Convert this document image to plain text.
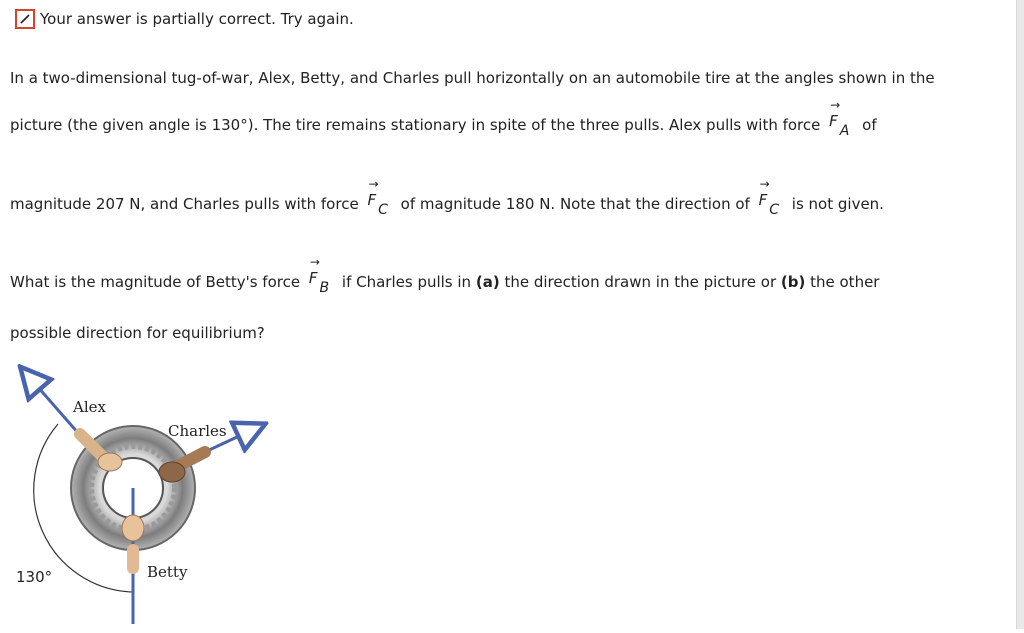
Your answer is partially correct. Try again.
In a two-dimensional tug-of-war, Alex, Betty, and Charles pull horizontally on an automobile tire at the angles shown in the
picture (the given angle is 130°). The tire remains stationary in spite of the three pulls. Alex pulls with force
→
FA of
magnitude 207 N, and Charles pulls with force
→
FC of magnitude 180 N. Note that the direction of
→
FC is not given.
What is the magnitude of Betty's force
→
FB if Charles pulls in (a) the direction drawn in the picture or (b) the other
possible direction for equilibrium?
Alex
Charles
Betty
130°
